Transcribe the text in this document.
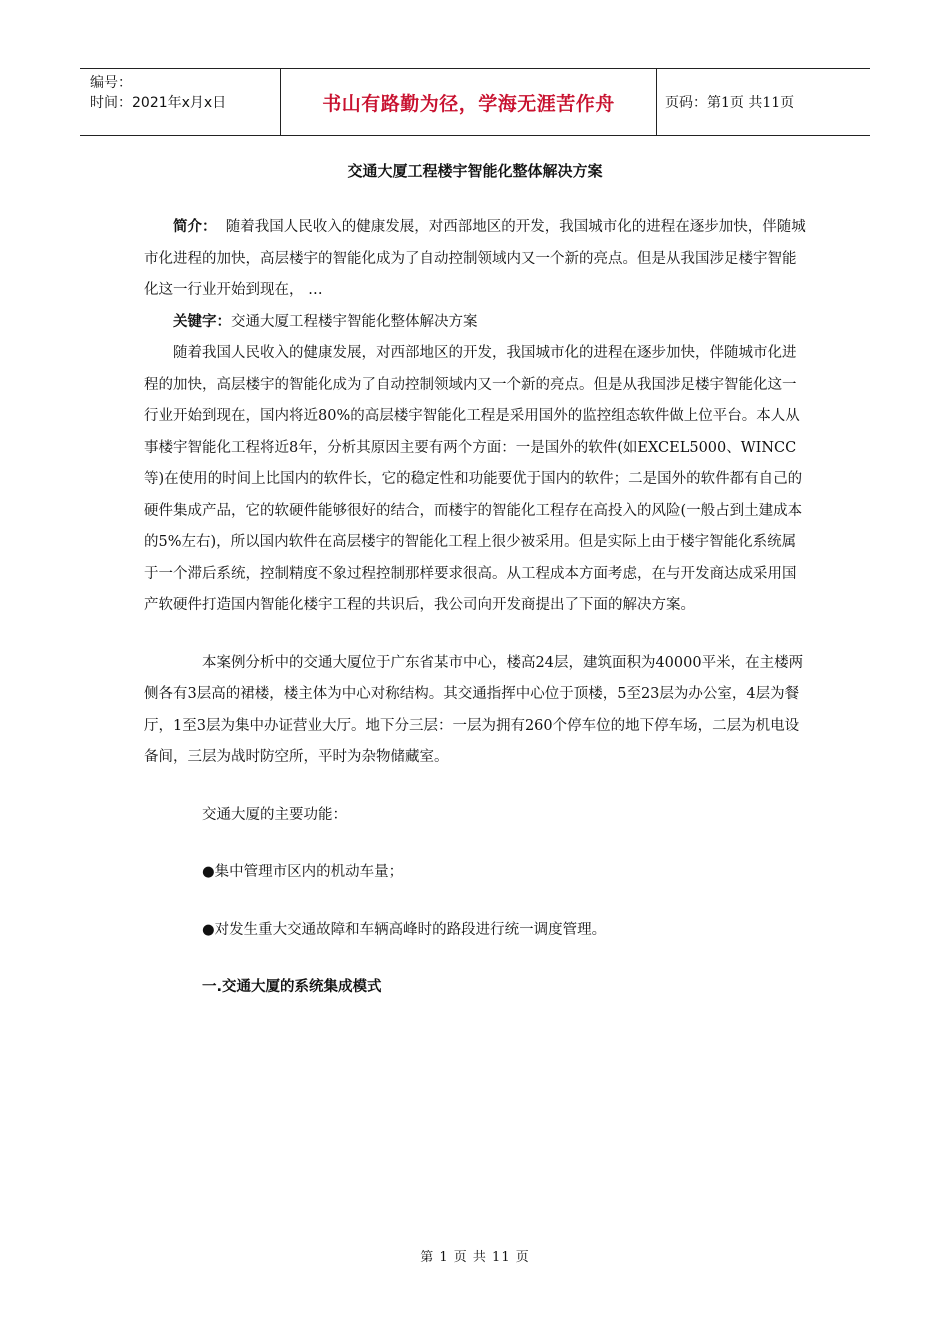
编号：
时间：2021年x月x日	书山有路勤为径，学海无涯苦作舟	页码：第1页 共11页
交通大厦工程楼宇智能化整体解决方案

简介： 随着我国人民收入的健康发展，对西部地区的开发，我国城市化的进程在逐步加快，伴随城市化进程的加快，高层楼宇的智能化成为了自动控制领域内又一个新的亮点。但是从我国涉足楼宇智能化这一行业开始到现在， …

关键字：交通大厦工程楼宇智能化整体解决方案

随着我国人民收入的健康发展，对西部地区的开发，我国城市化的进程在逐步加快，伴随城市化进程的加快，高层楼宇的智能化成为了自动控制领域内又一个新的亮点。但是从我国涉足楼宇智能化这一行业开始到现在，国内将近80%的高层楼宇智能化工程是采用国外的监控组态软件做上位平台。本人从事楼宇智能化工程将近8年，分析其原因主要有两个方面：一是国外的软件(如EXCEL5000、WINCC等)在使用的时间上比国内的软件长，它的稳定性和功能要优于国内的软件；二是国外的软件都有自己的硬件集成产品，它的软硬件能够很好的结合，而楼宇的智能化工程存在高投入的风险(一般占到土建成本的5%左右)，所以国内软件在高层楼宇的智能化工程上很少被采用。但是实际上由于楼宇智能化系统属于一个滞后系统，控制精度不象过程控制那样要求很高。从工程成本方面考虑，在与开发商达成采用国产软硬件打造国内智能化楼宇工程的共识后，我公司向开发商提出了下面的解决方案。

本案例分析中的交通大厦位于广东省某市中心，楼高24层，建筑面积为40000平米，在主楼两侧各有3层高的裙楼，楼主体为中心对称结构。其交通指挥中心位于顶楼，5至23层为办公室，4层为餐厅，1至3层为集中办证营业大厅。地下分三层：一层为拥有260个停车位的地下停车场，二层为机电设备间，三层为战时防空所，平时为杂物储藏室。

交通大厦的主要功能：

●集中管理市区内的机动车量；

●对发生重大交通故障和车辆高峰时的路段进行统一调度管理。

一.交通大厦的系统集成模式

第 1 页 共 11 页
